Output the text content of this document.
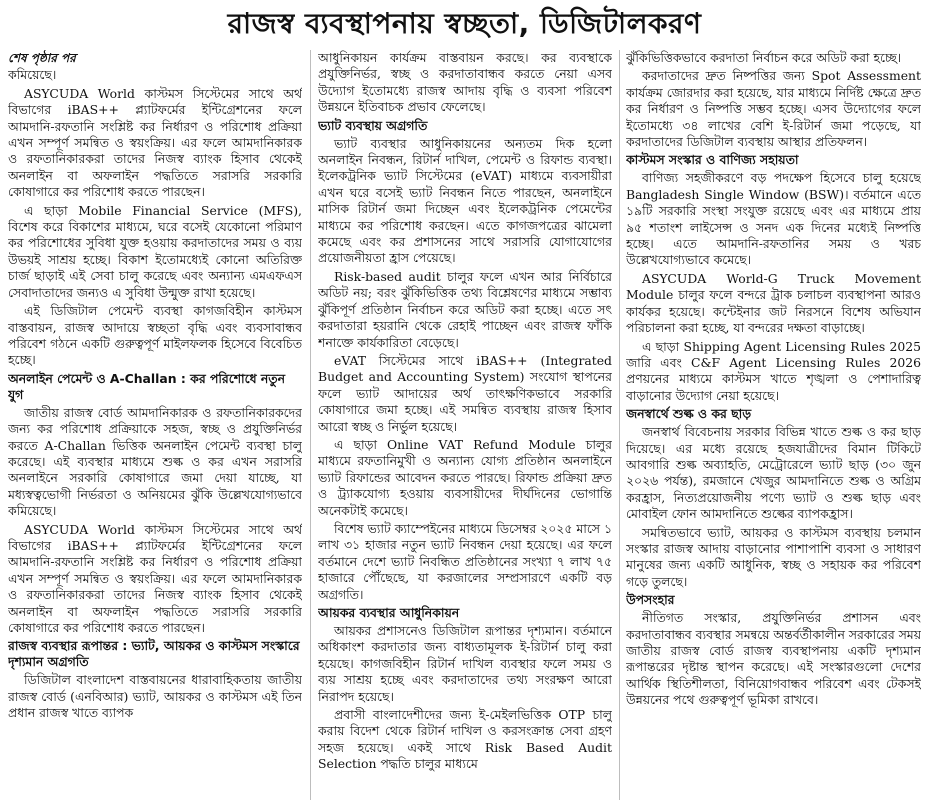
রাজস্ব ব্যবস্থাপনায় স্বচ্ছতা, ডিজিটালকরণ

শেষ পৃষ্ঠার পর

কমিয়েছে।

ASYCUDA World কাস্টমস সিস্টেমের সাথে অর্থ বিভাগের iBAS++ প্ল্যাটফর্মের ইন্টিগ্রেশনের ফলে আমদানি-রফতানি সংশ্লিষ্ট কর নির্ধারণ ও পরিশোধ প্রক্রিয়া এখন সম্পূর্ণ সমন্বিত ও স্বয়ংক্রিয়। এর ফলে আমদানিকারক ও রফতানিকারকরা তাদের নিজস্ব ব্যাংক হিসাব থেকেই অনলাইন বা অফলাইন পদ্ধতিতে সরাসরি সরকারি কোষাগারে কর পরিশোধ করতে পারছেন।

এ ছাড়া Mobile Financial Service (MFS), বিশেষ করে বিকাশের মাধ্যমে, ঘরে বসেই যেকোনো পরিমাণ কর পরিশোধের সুবিধা যুক্ত হওয়ায় করদাতাদের সময় ও ব্যয় উভয়ই সাশ্রয় হচ্ছে। বিকাশ ইতোমধ্যেই কোনো অতিরিক্ত চার্জ ছাড়াই এই সেবা চালু করেছে এবং অন্যান্য এমএফএস সেবাদাতাদের জন্যও এ সুবিধা উন্মুক্ত রাখা হয়েছে।

এই ডিজিটাল পেমেন্ট ব্যবস্থা কাগজবিহীন কাস্টমস বাস্তবায়ন, রাজস্ব আদায়ে স্বচ্ছতা বৃদ্ধি এবং ব্যবসাবান্ধব পরিবেশ গঠনে একটি গুরুত্বপূর্ণ মাইলফলক হিসেবে বিবেচিত হচ্ছে।

অনলাইন পেমেন্ট ও A-Challan : কর পরিশোধে নতুন যুগ

জাতীয় রাজস্ব বোর্ড আমদানিকারক ও রফতানিকারকদের জন্য কর পরিশোধ প্রক্রিয়াকে সহজ, স্বচ্ছ ও প্রযুক্তিনির্ভর করতে A-Challan ভিত্তিক অনলাইন পেমেন্ট ব্যবস্থা চালু করেছে। এই ব্যবস্থার মাধ্যমে শুল্ক ও কর এখন সরাসরি অনলাইনে সরকারি কোষাগারে জমা দেয়া যাচ্ছে, যা মধ্যস্বত্বভোগী নির্ভরতা ও অনিয়মের ঝুঁকি উল্লেখযোগ্যভাবে কমিয়েছে।

ASYCUDA World কাস্টমস সিস্টেমের সাথে অর্থ বিভাগের iBAS++ প্ল্যাটফর্মের ইন্টিগ্রেশনের ফলে আমদানি-রফতানি সংশ্লিষ্ট কর নির্ধারণ ও পরিশোধ প্রক্রিয়া এখন সম্পূর্ণ সমন্বিত ও স্বয়ংক্রিয়। এর ফলে আমদানিকারক ও রফতানিকারকরা তাদের নিজস্ব ব্যাংক হিসাব থেকেই অনলাইন বা অফলাইন পদ্ধতিতে সরাসরি সরকারি কোষাগারে কর পরিশোধ করতে পারছেন।

রাজস্ব ব্যবস্থার রূপান্তর : ভ্যাট, আয়কর ও কাস্টমস সংস্কারে দৃশ্যমান অগ্রগতি

ডিজিটাল বাংলাদেশ বাস্তবায়নের ধারাবাহিকতায় জাতীয় রাজস্ব বোর্ড (এনবিআর) ভ্যাট, আয়কর ও কাস্টমস এই তিন প্রধান রাজস্ব খাতে ব্যাপক

আধুনিকায়ন কার্যক্রম বাস্তবায়ন করছে। কর ব্যবস্থাকে প্রযুক্তিনির্ভর, স্বচ্ছ ও করদাতাবান্ধব করতে নেয়া এসব উদ্যোগ ইতোমধ্যে রাজস্ব আদায় বৃদ্ধি ও ব্যবসা পরিবেশ উন্নয়নে ইতিবাচক প্রভাব ফেলেছে।

ভ্যাট ব্যবস্থায় অগ্রগতি

ভ্যাট ব্যবস্থার আধুনিকায়নের অন্যতম দিক হলো অনলাইন নিবন্ধন, রিটার্ন দাখিল, পেমেন্ট ও রিফান্ড ব্যবস্থা। ইলেকট্রনিক ভ্যাট সিস্টেমের (eVAT) মাধ্যমে ব্যবসায়ীরা এখন ঘরে বসেই ভ্যাট নিবন্ধন নিতে পারছেন, অনলাইনে মাসিক রিটার্ন জমা দিচ্ছেন এবং ইলেকট্রনিক পেমেন্টের মাধ্যমে কর পরিশোধ করছেন। এতে কাগজপত্রের ঝামেলা কমেছে এবং কর প্রশাসনের সাথে সরাসরি যোগাযোগের প্রয়োজনীয়তা হ্রাস পেয়েছে।

Risk-based audit চালুর ফলে এখন আর নির্বিচারে অডিট নয়; বরং ঝুঁকিভিত্তিক তথ্য বিশ্লেষণের মাধ্যমে সম্ভাব্য ঝুঁকিপূর্ণ প্রতিষ্ঠান নির্বাচন করে অডিট করা হচ্ছে। এতে সৎ করদাতারা হয়রানি থেকে রেহাই পাচ্ছেন এবং রাজস্ব ফাঁকি শনাক্তে কার্যকারিতা বেড়েছে।

eVAT সিস্টেমের সাথে iBAS++ (Integrated Budget and Accounting System) সংযোগ স্থাপনের ফলে ভ্যাট আদায়ের অর্থ তাৎক্ষণিকভাবে সরকারি কোষাগারে জমা হচ্ছে। এই সমন্বিত ব্যবস্থায় রাজস্ব হিসাব আরো স্বচ্ছ ও নির্ভুল হয়েছে।

এ ছাড়া Online VAT Refund Module চালুর মাধ্যমে রফতানিমুখী ও অন্যান্য যোগ্য প্রতিষ্ঠান অনলাইনে ভ্যাট রিফান্ডের আবেদন করতে পারছে। রিফান্ড প্রক্রিয়া দ্রুত ও ট্র্যাকযোগ্য হওয়ায় ব্যবসায়ীদের দীর্ঘদিনের ভোগান্তি অনেকটাই কমেছে।

বিশেষ ভ্যাট ক্যাম্পেইনের মাধ্যমে ডিসেম্বর ২০২৫ মাসে ১ লাখ ৩১ হাজার নতুন ভ্যাট নিবন্ধন দেয়া হয়েছে। এর ফলে বর্তমানে দেশে ভ্যাট নিবন্ধিত প্রতিষ্ঠানের সংখ্যা ৭ লাখ ৭৫ হাজারে পৌঁছেছে, যা করজালের সম্প্রসারণে একটি বড় অগ্রগতি।

আয়কর ব্যবস্থার আধুনিকায়ন

আয়কর প্রশাসনেও ডিজিটাল রূপান্তর দৃশ্যমান। বর্তমানে অধিকাংশ করদাতার জন্য বাধ্যতামূলক ই-রিটার্ন চালু করা হয়েছে। কাগজবিহীন রিটার্ন দাখিল ব্যবস্থার ফলে সময় ও ব্যয় সাশ্রয় হচ্ছে এবং করদাতাদের তথ্য সংরক্ষণ আরো নিরাপদ হয়েছে।

প্রবাসী বাংলাদেশীদের জন্য ই-মেইলভিত্তিক OTP চালু করায় বিদেশ থেকে রিটার্ন দাখিল ও করসংক্রান্ত সেবা গ্রহণ সহজ হয়েছে। একই সাথে Risk Based Audit Selection পদ্ধতি চালুর মাধ্যমে

ঝুঁকিভিত্তিকভাবে করদাতা নির্বাচন করে অডিট করা হচ্ছে।

করদাতাদের দ্রুত নিষ্পত্তির জন্য Spot Assessment কার্যক্রম জোরদার করা হয়েছে, যার মাধ্যমে নির্দিষ্ট ক্ষেত্রে দ্রুত কর নির্ধারণ ও নিষ্পত্তি সম্ভব হচ্ছে। এসব উদ্যোগের ফলে ইতোমধ্যে ৩৪ লাখের বেশি ই-রিটার্ন জমা পড়েছে, যা করদাতাদের ডিজিটাল ব্যবস্থায় আস্থার প্রতিফলন।

কাস্টমস সংস্কার ও বাণিজ্য সহায়তা

বাণিজ্য সহজীকরণে বড় পদক্ষেপ হিসেবে চালু হয়েছে Bangladesh Single Window (BSW)। বর্তমানে এতে ১৯টি সরকারি সংস্থা সংযুক্ত রয়েছে এবং এর মাধ্যমে প্রায় ৯৫ শতাংশ লাইসেন্স ও সনদ এক দিনের মধ্যেই নিষ্পত্তি হচ্ছে। এতে আমদানি-রফতানির সময় ও খরচ উল্লেখযোগ্যভাবে কমেছে।

ASYCUDA World-G Truck Movement Module চালুর ফলে বন্দরে ট্রাক চলাচল ব্যবস্থাপনা আরও কার্যকর হয়েছে। কন্টেইনার জট নিরসনে বিশেষ অভিযান পরিচালনা করা হচ্ছে, যা বন্দরের দক্ষতা বাড়াচ্ছে।

এ ছাড়া Shipping Agent Licensing Rules 2025 জারি এবং C&F Agent Licensing Rules 2026 প্রণয়নের মাধ্যমে কাস্টমস খাতে শৃঙ্খলা ও পেশাদারিত্ব বাড়ানোর উদ্যোগ নেয়া হয়েছে।

জনস্বার্থে শুল্ক ও কর ছাড়

জনস্বার্থ বিবেচনায় সরকার বিভিন্ন খাতে শুল্ক ও কর ছাড় দিয়েছে। এর মধ্যে রয়েছে হজযাত্রীদের বিমান টিকিটে আবগারি শুল্ক অব্যাহতি, মেট্রোরেলে ভ্যাট ছাড় (৩০ জুন ২০২৬ পর্যন্ত), রমজানে খেজুর আমদানিতে শুল্ক ও অগ্রিম করহ্রাস, নিত্যপ্রয়োজনীয় পণ্যে ভ্যাট ও শুল্ক ছাড় এবং মোবাইল ফোন আমদানিতে শুল্কের ব্যাপকহ্রাস।

সমন্বিতভাবে ভ্যাট, আয়কর ও কাস্টমস ব্যবস্থায় চলমান সংস্কার রাজস্ব আদায় বাড়ানোর পাশাপাশি ব্যবসা ও সাধারণ মানুষের জন্য একটি আধুনিক, স্বচ্ছ ও সহায়ক কর পরিবেশ গড়ে তুলছে।

উপসংহার

নীতিগত সংস্কার, প্রযুক্তিনির্ভর প্রশাসন এবং করদাতাবান্ধব ব্যবস্থার সমন্বয়ে অন্তর্বর্তীকালীন সরকারের সময় জাতীয় রাজস্ব বোর্ড রাজস্ব ব্যবস্থাপনায় একটি দৃশ্যমান রূপান্তরের দৃষ্টান্ত স্থাপন করেছে। এই সংস্কারগুলো দেশের আর্থিক স্থিতিশীলতা, বিনিয়োগবান্ধব পরিবেশ এবং টেকসই উন্নয়নের পথে গুরুত্বপূর্ণ ভূমিকা রাখবে।
